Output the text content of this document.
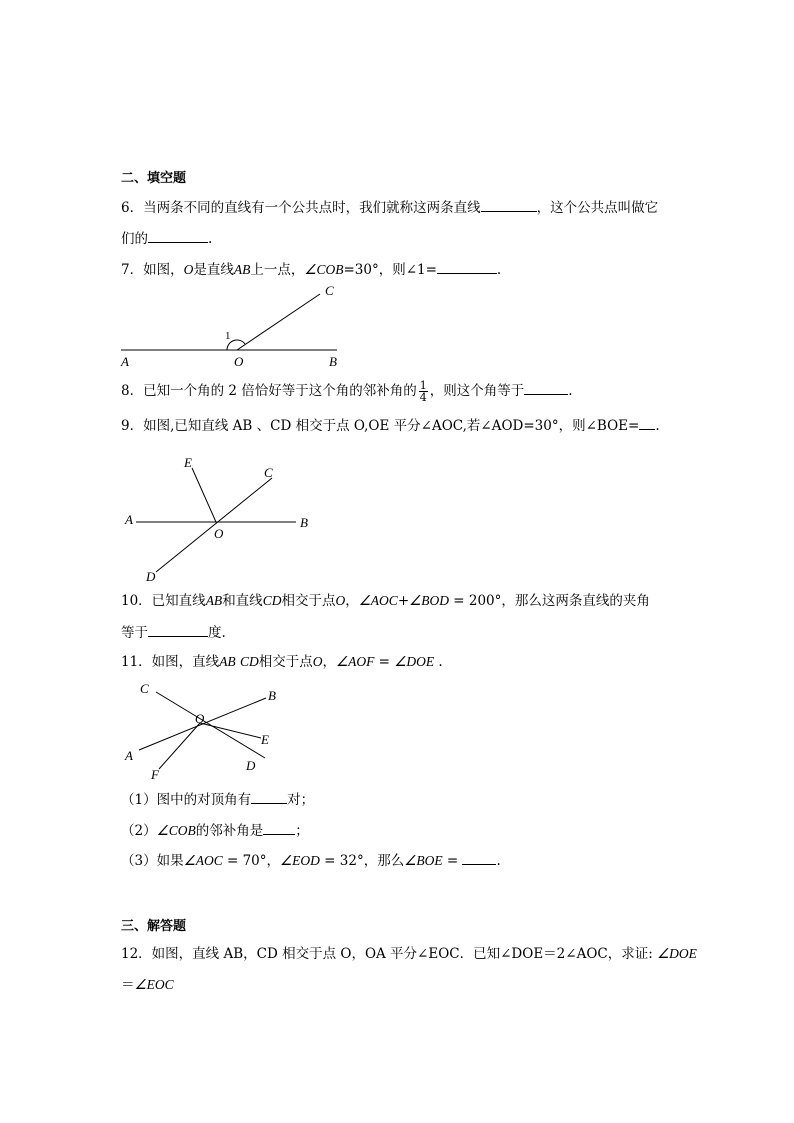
二、填空题
6．当两条不同的直线有一个公共点时，我们就称这两条直线	，这个公共点叫做它
们的	.
7．如图，O是直线AB上一点，∠COB=30°，则∠1=	.
C
1
A	O	B
8．已知一个角的 2 倍恰好等于这个角的邻补角的 $\frac{1}{4}$ ，则这个角等于	.
9．如图,已知直线 AB 、CD 相交于点 O,OE 平分∠AOC,若∠AOD=30°，则∠BOE= .
E
C
A
O
B
D
10．已知直线AB和直线CD相交于点O，∠AOC+∠BOD = 200°，那么这两条直线的夹角
等于	度.
11．如图，直线AB CD相交于点O，∠AOF = ∠DOE .
C	B
O
A
E
F
D
（1）图中的对顶角有	对；
（2）∠COB的邻补角是 ；
（3）如果∠AOC = 70°，∠EOD = 32°，那么∠BOE =	.
三、解答题
12．如图，直线 AB，CD 相交于点 O，OA 平分∠EOC．已知∠DOE＝2∠AOC，求证: ∠DOE
＝∠EOC
